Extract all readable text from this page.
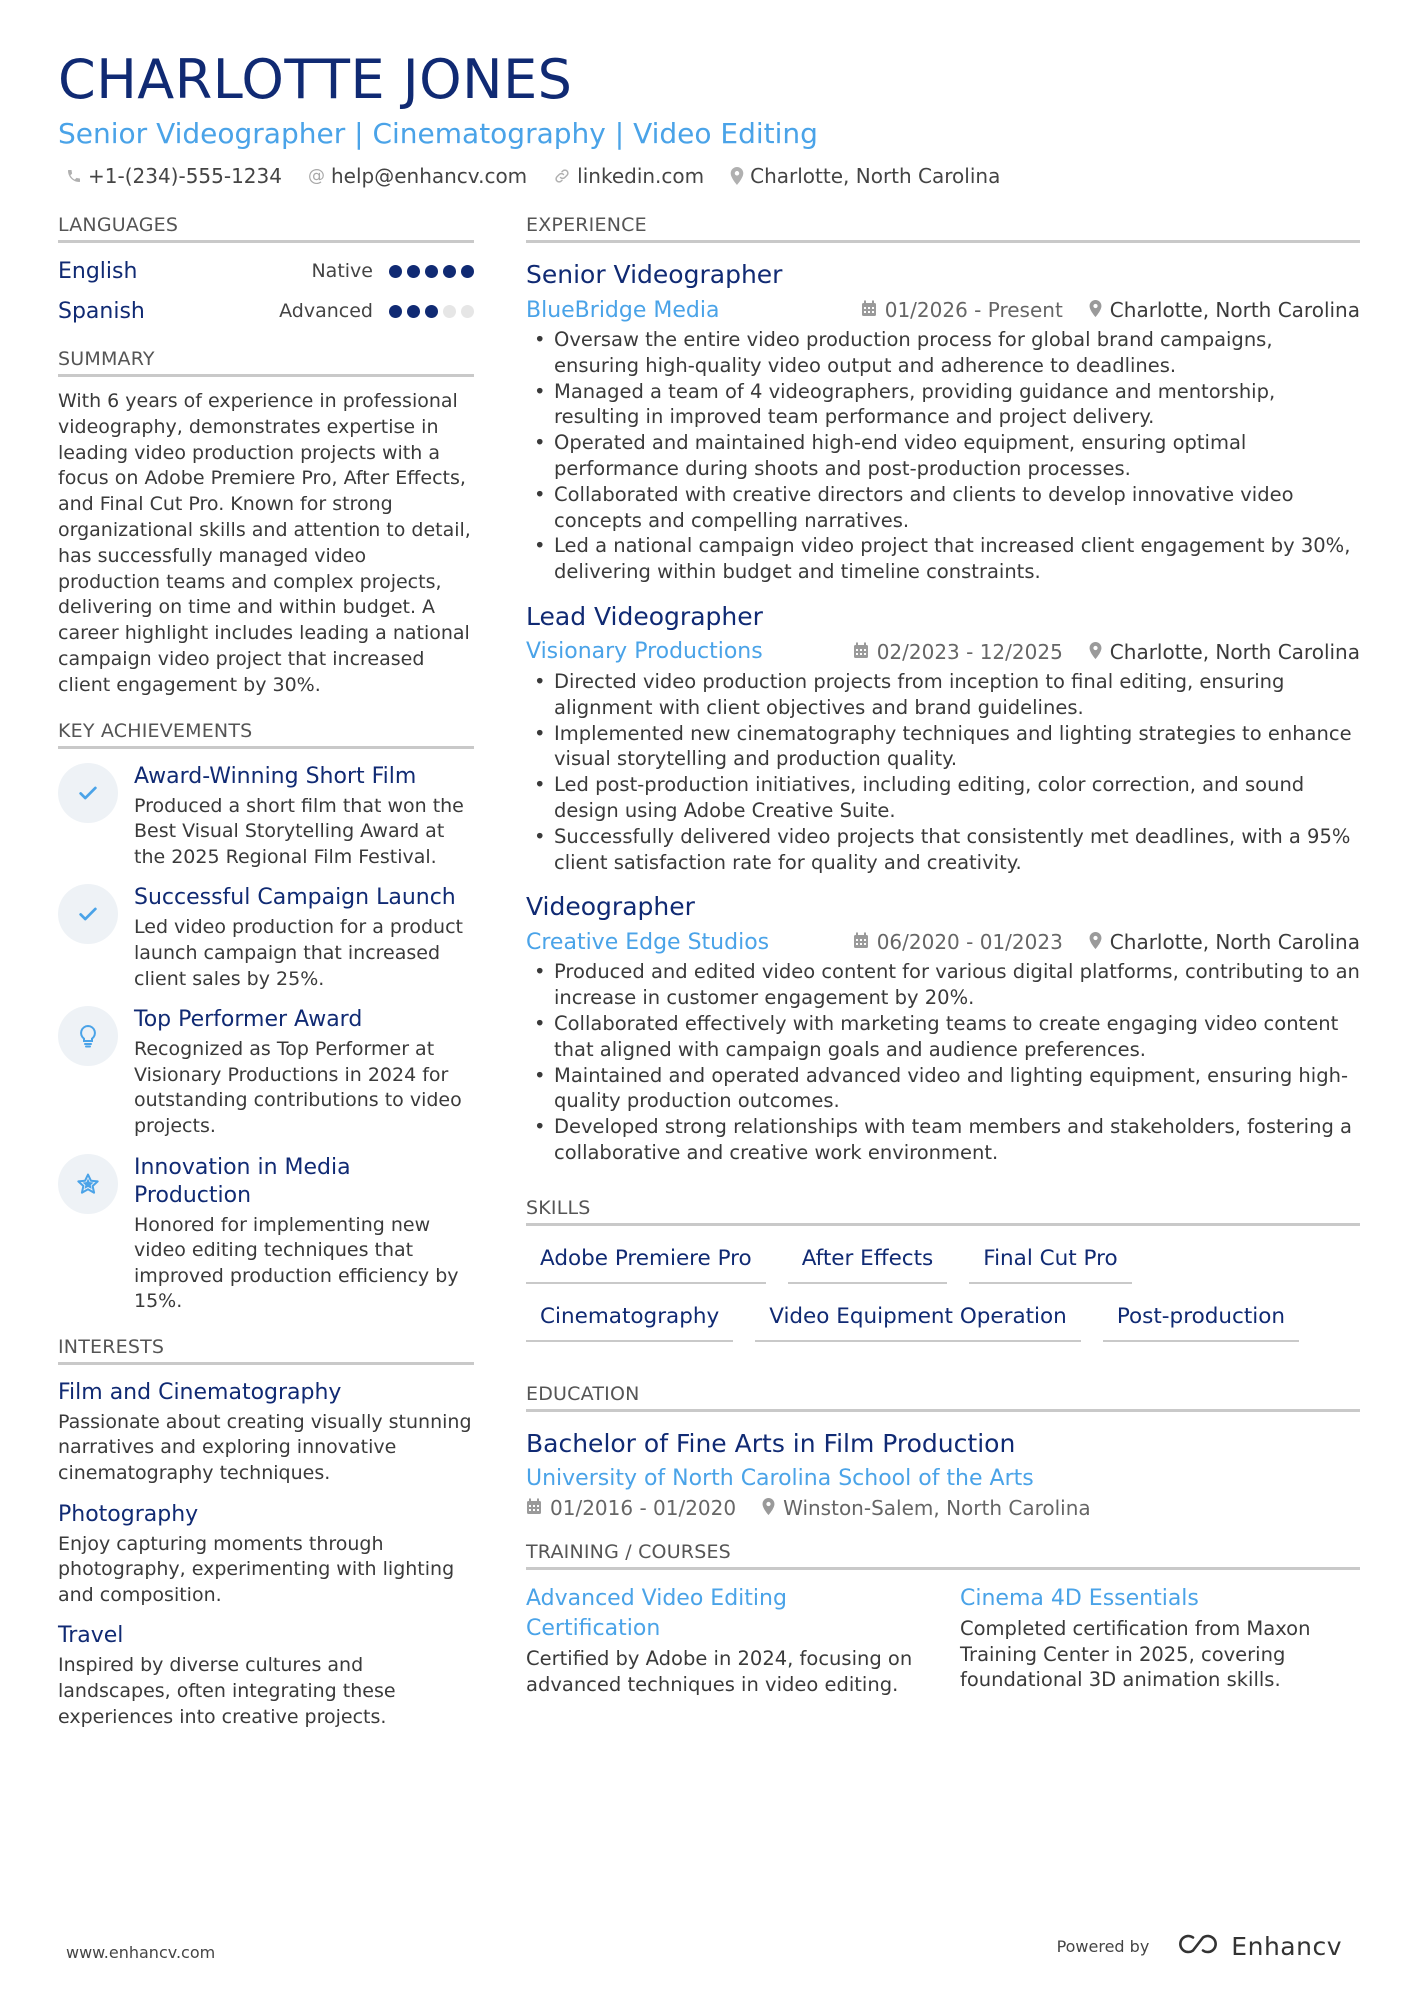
CHARLOTTE JONES
Senior Videographer | Cinematography | Video Editing
+1-(234)-555-1234 @ help@enhancv.com	linkedin.com Charlotte, North Carolina
LANGUAGES
English	Native
Spanish	Advanced
SUMMARY
With 6 years of experience in professional videography, demonstrates expertise in leading video production projects with a focus on Adobe Premiere Pro, After Effects, and Final Cut Pro. Known for strong organizational skills and attention to detail, has successfully managed video production teams and complex projects, delivering on time and within budget. A career highlight includes leading a national campaign video project that increased client engagement by 30%.
KEY ACHIEVEMENTS
Award-Winning Short Film
Produced a short film that won the Best Visual Storytelling Award at the 2025 Regional Film Festival.
Successful Campaign Launch
Led video production for a product launch campaign that increased client sales by 25%.
Top Performer Award
Recognized as Top Performer at Visionary Productions in 2024 for outstanding contributions to video projects.
Innovation in Media Production
Honored for implementing new video editing techniques that improved production efficiency by 15%.
INTERESTS
Film and Cinematography
Passionate about creating visually stunning narratives and exploring innovative cinematography techniques.
Photography
Enjoy capturing moments through photography, experimenting with lighting and composition.
Travel
Inspired by diverse cultures and landscapes, often integrating these experiences into creative projects.
EXPERIENCE
Senior Videographer
BlueBridge Media	01/2026 - Present Charlotte, North Carolina
• Oversaw the entire video production process for global brand campaigns, ensuring high-quality video output and adherence to deadlines.
• Managed a team of 4 videographers, providing guidance and mentorship, resulting in improved team performance and project delivery.
• Operated and maintained high-end video equipment, ensuring optimal performance during shoots and post-production processes.
• Collaborated with creative directors and clients to develop innovative video concepts and compelling narratives.
• Led a national campaign video project that increased client engagement by 30%, delivering within budget and timeline constraints.
Lead Videographer
Visionary Productions	02/2023 - 12/2025 Charlotte, North Carolina
• Directed video production projects from inception to final editing, ensuring alignment with client objectives and brand guidelines.
• Implemented new cinematography techniques and lighting strategies to enhance visual storytelling and production quality.
• Led post-production initiatives, including editing, color correction, and sound design using Adobe Creative Suite.
• Successfully delivered video projects that consistently met deadlines, with a 95% client satisfaction rate for quality and creativity.
Videographer
Creative Edge Studios	06/2020 - 01/2023 Charlotte, North Carolina
• Produced and edited video content for various digital platforms, contributing to an increase in customer engagement by 20%.
• Collaborated effectively with marketing teams to create engaging video content that aligned with campaign goals and audience preferences.
• Maintained and operated advanced video and lighting equipment, ensuring high-quality production outcomes.
• Developed strong relationships with team members and stakeholders, fostering a collaborative and creative work environment.
SKILLS
Adobe Premiere Pro	After Effects	Final Cut Pro
Cinematography	Video Equipment Operation	Post-production
EDUCATION
Bachelor of Fine Arts in Film Production
University of North Carolina School of the Arts
01/2016 - 01/2020 Winston-Salem, North Carolina
TRAINING / COURSES
Advanced Video Editing Certification
Certified by Adobe in 2024, focusing on advanced techniques in video editing.
Cinema 4D Essentials
Completed certification from Maxon Training Center in 2025, covering foundational 3D animation skills.
www.enhancv.com	Powered by	Enhancv
